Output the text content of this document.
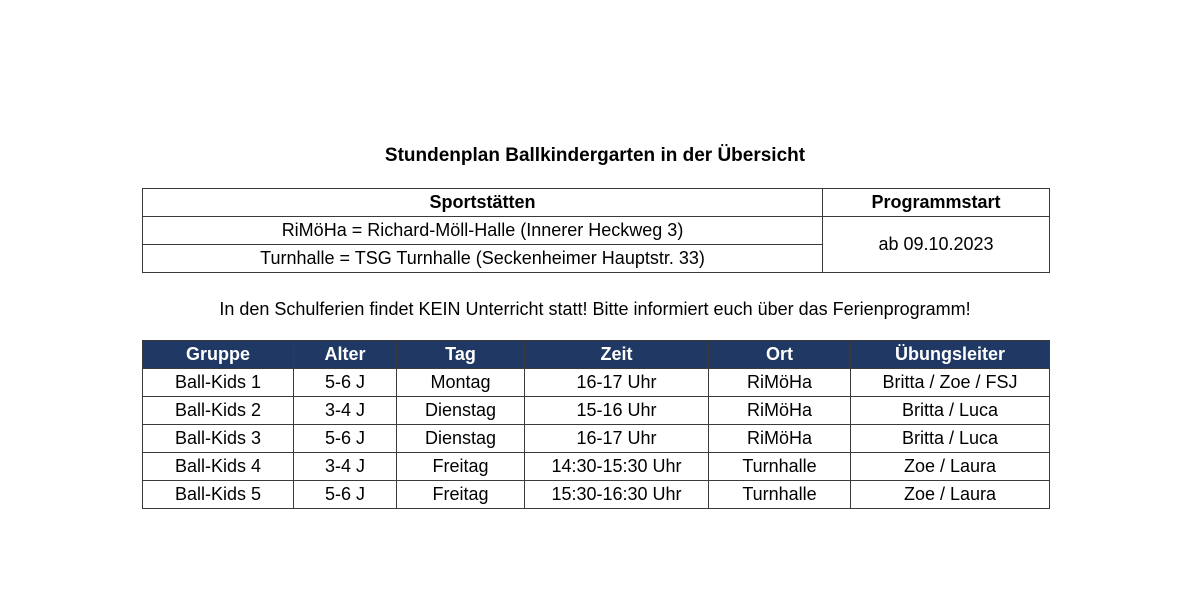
Stundenplan Ballkindergarten in der Übersicht
Sportstätten	Programmstart
RiMöHa = Richard-Möll-Halle (Innerer Heckweg 3)	ab 09.10.2023
Turnhalle = TSG Turnhalle (Seckenheimer Hauptstr. 33)	
In den Schulferien findet KEIN Unterricht statt! Bitte informiert euch über das Ferienprogramm!
Gruppe	Alter	Tag	Zeit	Ort	Übungsleiter
Ball-Kids 1	5-6 J	Montag	16-17 Uhr	RiMöHa	Britta / Zoe / FSJ
Ball-Kids 2	3-4 J	Dienstag	15-16 Uhr	RiMöHa	Britta / Luca
Ball-Kids 3	5-6 J	Dienstag	16-17 Uhr	RiMöHa	Britta / Luca
Ball-Kids 4	3-4 J	Freitag	14:30-15:30 Uhr	Turnhalle	Zoe / Laura
Ball-Kids 5	5-6 J	Freitag	15:30-16:30 Uhr	Turnhalle	Zoe / Laura
